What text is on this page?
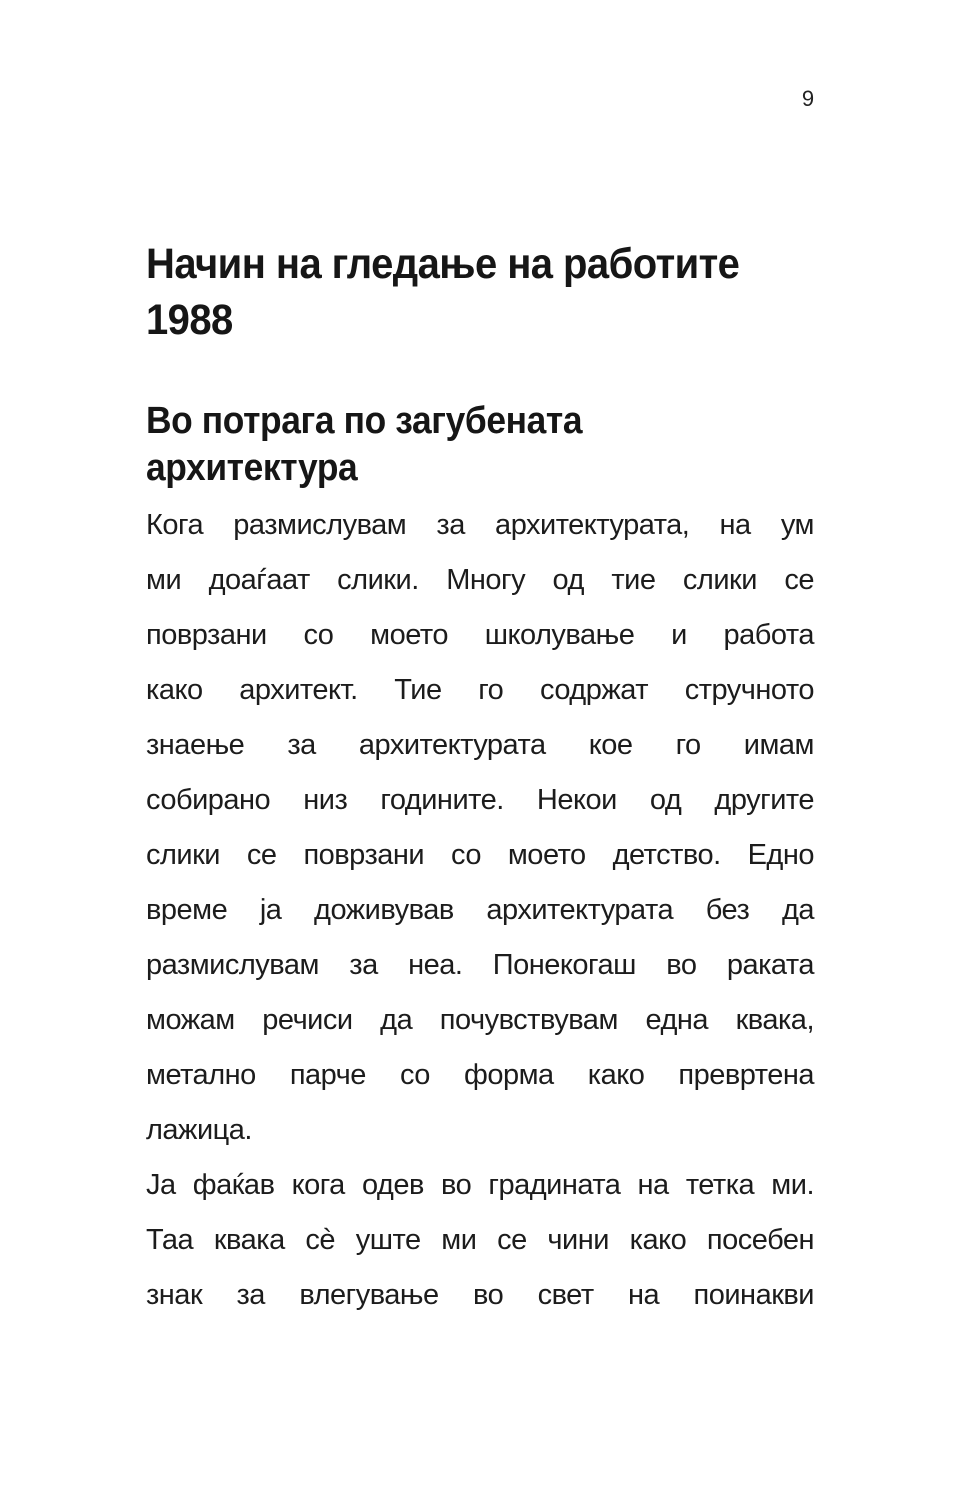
9
Начин на гледање на работите
1988
Во потрага по загубената
архитектура
Кога размислувам за архитектурата, на ум
ми доаѓаат слики. Многу од тие слики се
поврзани со моето школување и работа
како архитект. Тие го содржат стручното
знаење за архитектурата кое го имам
собирано низ годините. Некои од другите
слики се поврзани со моето детство. Едно
време ја доживував архитектурата без да
размислувам за неа. Понекогаш во раката
можам речиси да почувствувам една квака,
метално парче со форма како превртена
лажица.
Ја фаќав кога одев во градината на тетка ми.
Таа квака сè уште ми се чини како посебен
знак за влегување во свет на поинакви
